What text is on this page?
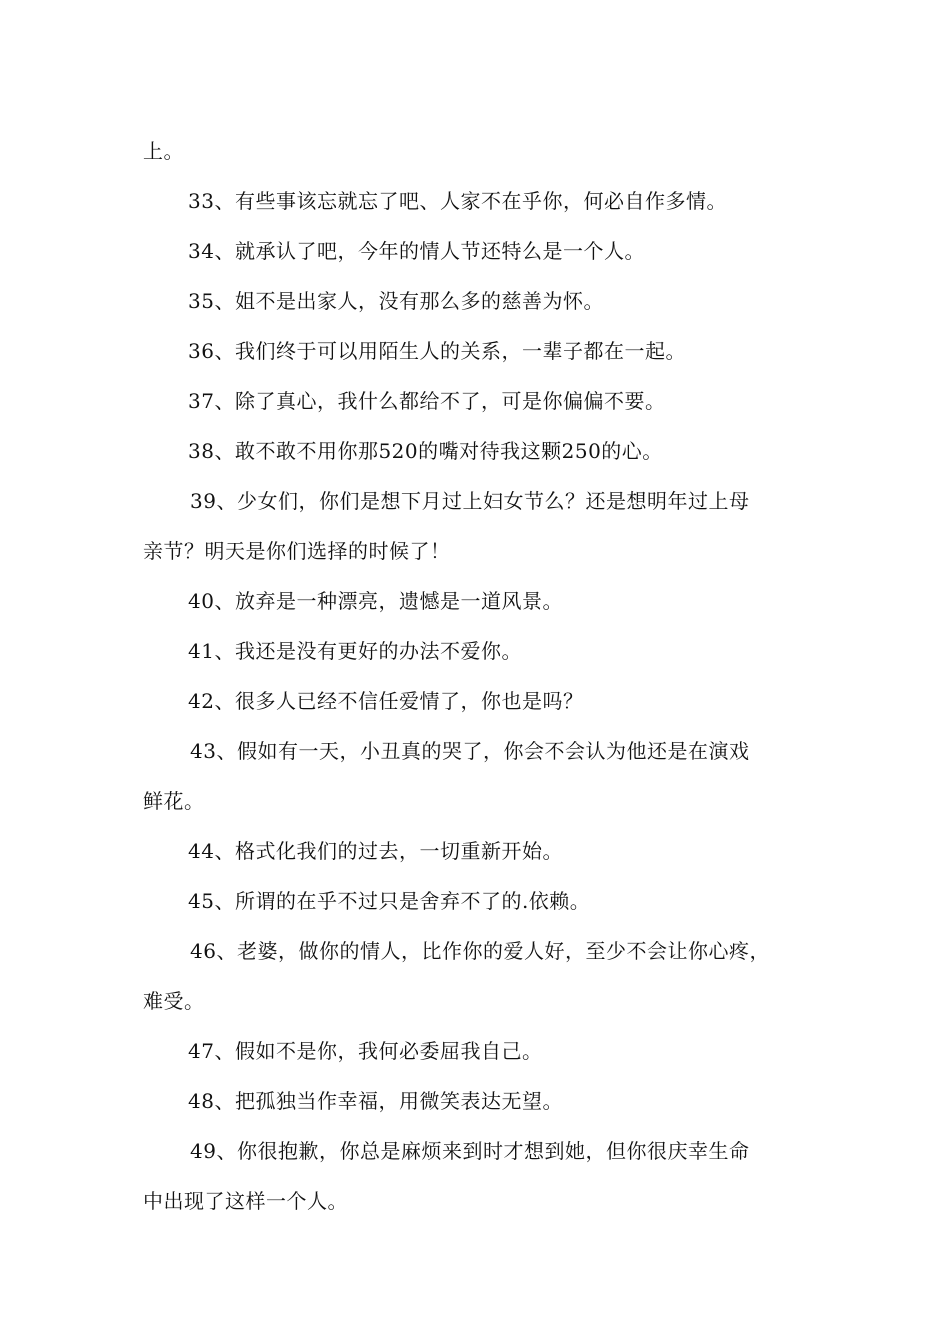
上。
33、有些事该忘就忘了吧、人家不在乎你，何必自作多情。
34、就承认了吧，今年的情人节还特么是一个人。
35、姐不是出家人，没有那么多的慈善为怀。
36、我们终于可以用陌生人的关系，一辈子都在一起。
37、除了真心，我什么都给不了，可是你偏偏不要。
38、敢不敢不用你那520的嘴对待我这颗250的心。
39、少女们，你们是想下月过上妇女节么？还是想明年过上母
亲节？明天是你们选择的时候了！
40、放弃是一种漂亮，遗憾是一道风景。
41、我还是没有更好的办法不爱你。
42、很多人已经不信任爱情了，你也是吗？
43、假如有一天，小丑真的哭了，你会不会认为他还是在演戏
鲜花。
44、格式化我们的过去，一切重新开始。
45、所谓的在乎不过只是舍弃不了的.依赖。
46、老婆，做你的情人，比作你的爱人好，至少不会让你心疼，
难受。
47、假如不是你，我何必委屈我自己。
48、把孤独当作幸福，用微笑表达无望。
49、你很抱歉，你总是麻烦来到时才想到她，但你很庆幸生命
中出现了这样一个人。
